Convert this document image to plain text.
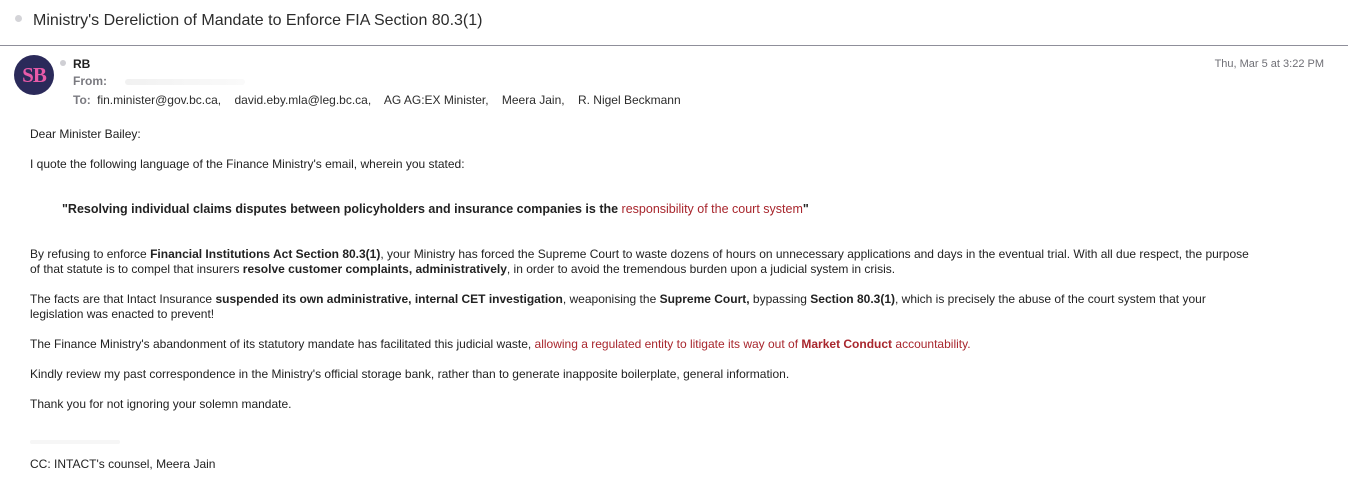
Ministry's Dereliction of Mandate to Enforce FIA Section 80.3(1)
SB RB
From:
To: fin.minister@gov.bc.ca, david.eby.mla@leg.bc.ca, AG AG:EX Minister, Meera Jain, R. Nigel Beckmann
Thu, Mar 5 at 3:22 PM
Dear Minister Bailey:
I quote the following language of the Finance Ministry's email, wherein you stated:
"Resolving individual claims disputes between policyholders and insurance companies is the responsibility of the court system"
By refusing to enforce Financial Institutions Act Section 80.3(1), your Ministry has forced the Supreme Court to waste dozens of hours on unnecessary applications and days in the eventual trial. With all due respect, the purpose
of that statute is to compel that insurers resolve customer complaints, administratively, in order to avoid the tremendous burden upon a judicial system in crisis.
The facts are that Intact Insurance suspended its own administrative, internal CET investigation, weaponising the Supreme Court, bypassing Section 80.3(1), which is precisely the abuse of the court system that your
legislation was enacted to prevent!
The Finance Ministry's abandonment of its statutory mandate has facilitated this judicial waste, allowing a regulated entity to litigate its way out of Market Conduct accountability.
Kindly review my past correspondence in the Ministry's official storage bank, rather than to generate inapposite boilerplate, general information.
Thank you for not ignoring your solemn mandate.
CC: INTACT's counsel, Meera Jain
